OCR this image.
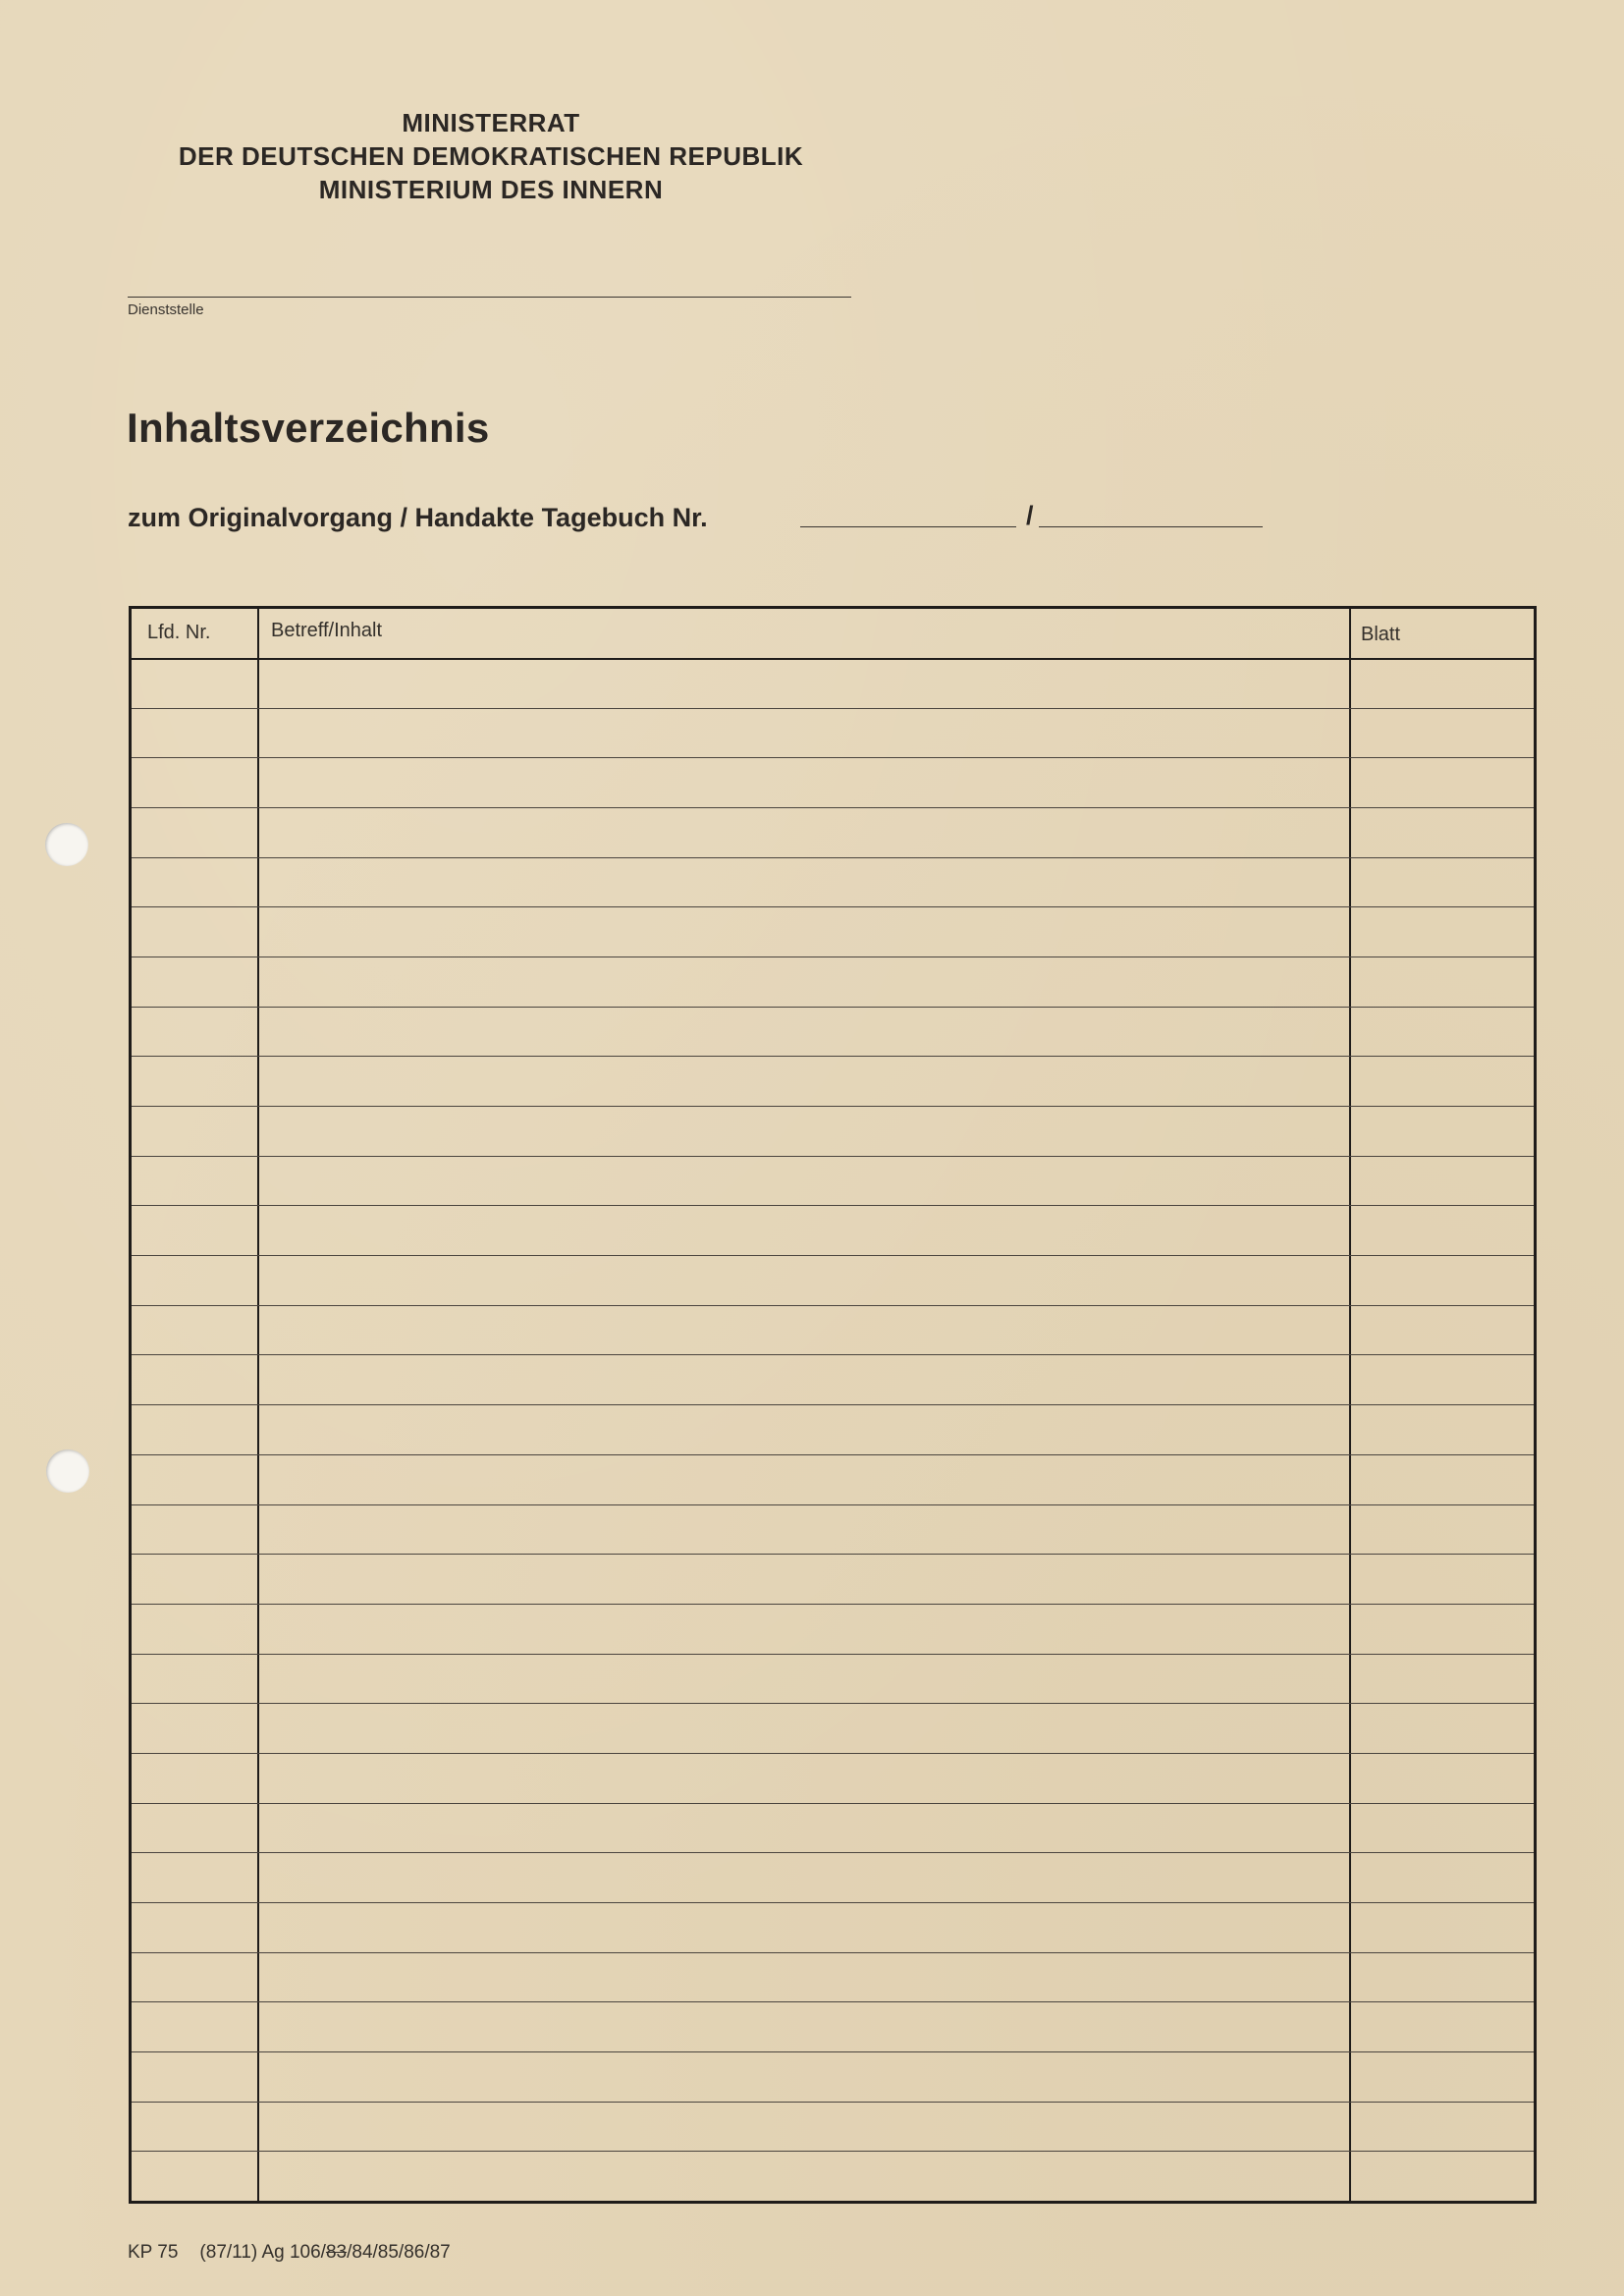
MINISTERRAT
DER DEUTSCHEN DEMOKRATISCHEN REPUBLIK
MINISTERIUM DES INNERN
Dienststelle
Inhaltsverzeichnis
zum Originalvorgang / Handakte Tagebuch Nr.	/
Lfd. Nr.	Betreff/Inhalt	Blatt
KP 75 (87/11) Ag 106/83/84/85/86/87
